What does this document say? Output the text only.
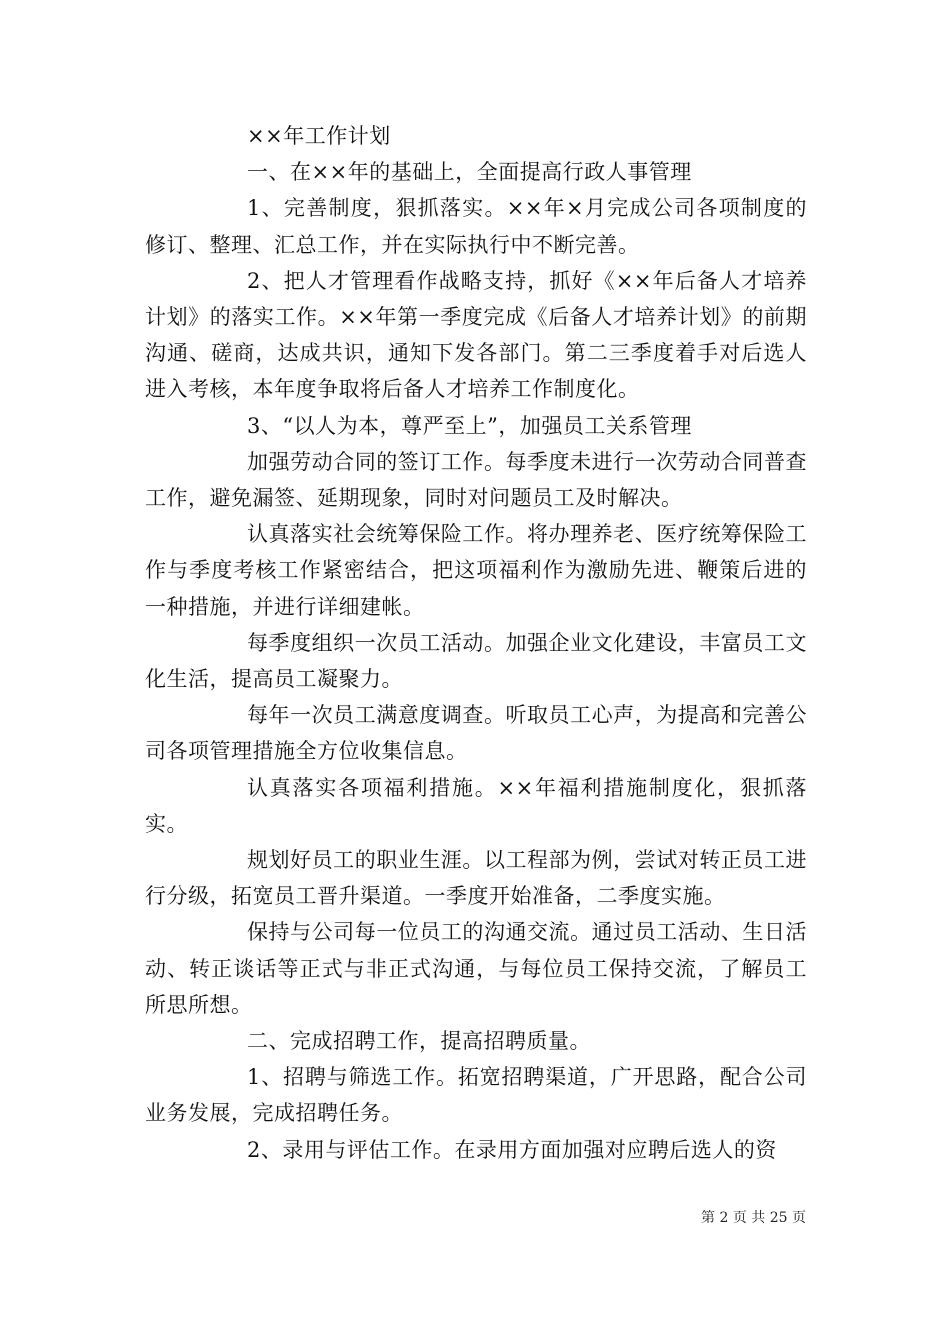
××年工作计划

一、在××年的基础上，全面提高行政人事管理

1、完善制度，狠抓落实。××年×月完成公司各项制度的修订、整理、汇总工作，并在实际执行中不断完善。

2、把人才管理看作战略支持，抓好《××年后备人才培养计划》的落实工作。××年第一季度完成《后备人才培养计划》的前期沟通、磋商，达成共识，通知下发各部门。第二三季度着手对后选人进入考核，本年度争取将后备人才培养工作制度化。

3、“以人为本，尊严至上”，加强员工关系管理

加强劳动合同的签订工作。每季度未进行一次劳动合同普查工作，避免漏签、延期现象，同时对问题员工及时解决。

认真落实社会统筹保险工作。将办理养老、医疗统筹保险工作与季度考核工作紧密结合，把这项福利作为激励先进、鞭策后进的一种措施，并进行详细建帐。

每季度组织一次员工活动。加强企业文化建设，丰富员工文化生活，提高员工凝聚力。

每年一次员工满意度调查。听取员工心声，为提高和完善公司各项管理措施全方位收集信息。

认真落实各项福利措施。××年福利措施制度化，狠抓落实。

规划好员工的职业生涯。以工程部为例，尝试对转正员工进行分级，拓宽员工晋升渠道。一季度开始准备，二季度实施。

保持与公司每一位员工的沟通交流。通过员工活动、生日活动、转正谈话等正式与非正式沟通，与每位员工保持交流，了解员工所思所想。

二、完成招聘工作，提高招聘质量。

1、招聘与筛选工作。拓宽招聘渠道，广开思路，配合公司业务发展，完成招聘任务。

2、录用与评估工作。在录用方面加强对应聘后选人的资

第 2 页 共 25 页
